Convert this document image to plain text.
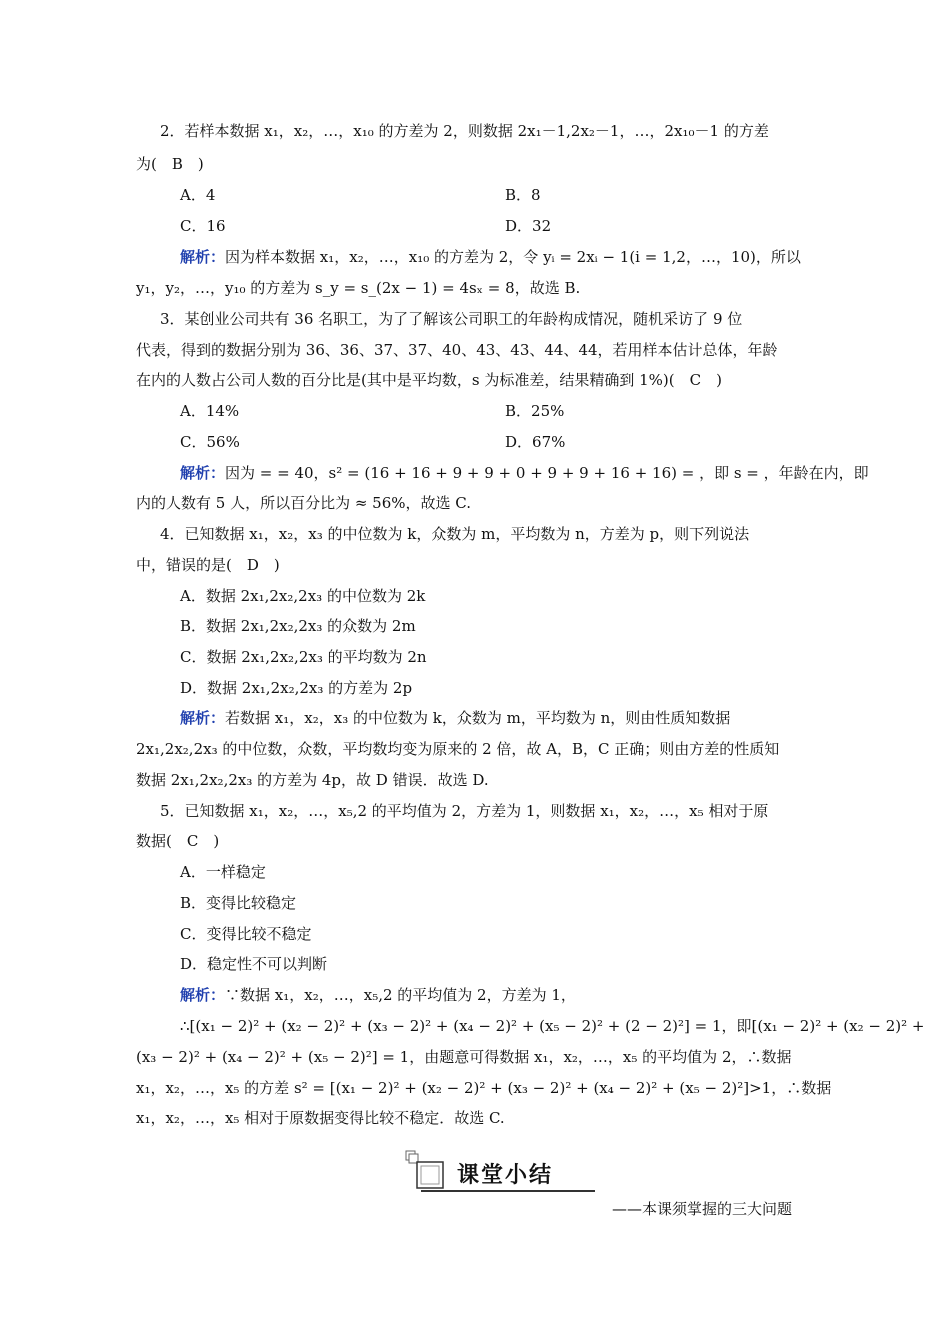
2．若样本数据 x₁，x₂，…，x₁₀ 的方差为 2，则数据 2x₁－1,2x₂－1，…，2x₁₀－1 的方差
为(　B　)
A．4	B．8
C．16	D．32
解析：因为样本数据 x₁，x₂，…，x₁₀ 的方差为 2，令 yᵢ = 2xᵢ − 1(i = 1,2，…，10)，所以
y₁，y₂，…，y₁₀ 的方差为 s_y = s_(2x − 1) = 4sₓ = 8，故选 B.
3．某创业公司共有 36 名职工，为了了解该公司职工的年龄构成情况，随机采访了 9 位
代表，得到的数据分别为 36、36、37、37、40、43、43、44、44，若用样本估计总体，年龄
在内的人数占公司人数的百分比是(其中是平均数，s 为标准差，结果精确到 1%)(　C　)
A．14%	B．25%
C．56%	D．67%
解析：因为 = = 40，s² = (16 + 16 + 9 + 9 + 0 + 9 + 9 + 16 + 16) = ，即 s = ，年龄在内，即
内的人数有 5 人，所以百分比为 ≈ 56%，故选 C.
4．已知数据 x₁，x₂，x₃ 的中位数为 k，众数为 m，平均数为 n，方差为 p，则下列说法
中，错误的是(　D　)
A．数据 2x₁,2x₂,2x₃ 的中位数为 2k
B．数据 2x₁,2x₂,2x₃ 的众数为 2m
C．数据 2x₁,2x₂,2x₃ 的平均数为 2n
D．数据 2x₁,2x₂,2x₃ 的方差为 2p
解析：若数据 x₁，x₂，x₃ 的中位数为 k，众数为 m，平均数为 n，则由性质知数据
2x₁,2x₂,2x₃ 的中位数，众数，平均数均变为原来的 2 倍，故 A，B，C 正确；则由方差的性质知
数据 2x₁,2x₂,2x₃ 的方差为 4p，故 D 错误．故选 D.
5．已知数据 x₁，x₂，…，x₅,2 的平均值为 2，方差为 1，则数据 x₁，x₂，…，x₅ 相对于原
数据(　C　)
A．一样稳定
B．变得比较稳定
C．变得比较不稳定
D．稳定性不可以判断
解析：∵数据 x₁，x₂，…，x₅,2 的平均值为 2，方差为 1，
∴[(x₁ − 2)² + (x₂ − 2)² + (x₃ − 2)² + (x₄ − 2)² + (x₅ − 2)² + (2 − 2)²] = 1，即[(x₁ − 2)² + (x₂ − 2)² +
(x₃ − 2)² + (x₄ − 2)² + (x₅ − 2)²] = 1，由题意可得数据 x₁，x₂，…，x₅ 的平均值为 2，∴数据
x₁，x₂，…，x₅ 的方差 s² = [(x₁ − 2)² + (x₂ − 2)² + (x₃ − 2)² + (x₄ − 2)² + (x₅ − 2)²]>1，∴数据
x₁，x₂，…，x₅ 相对于原数据变得比较不稳定．故选 C.
课堂小结
——本课须掌握的三大问题
